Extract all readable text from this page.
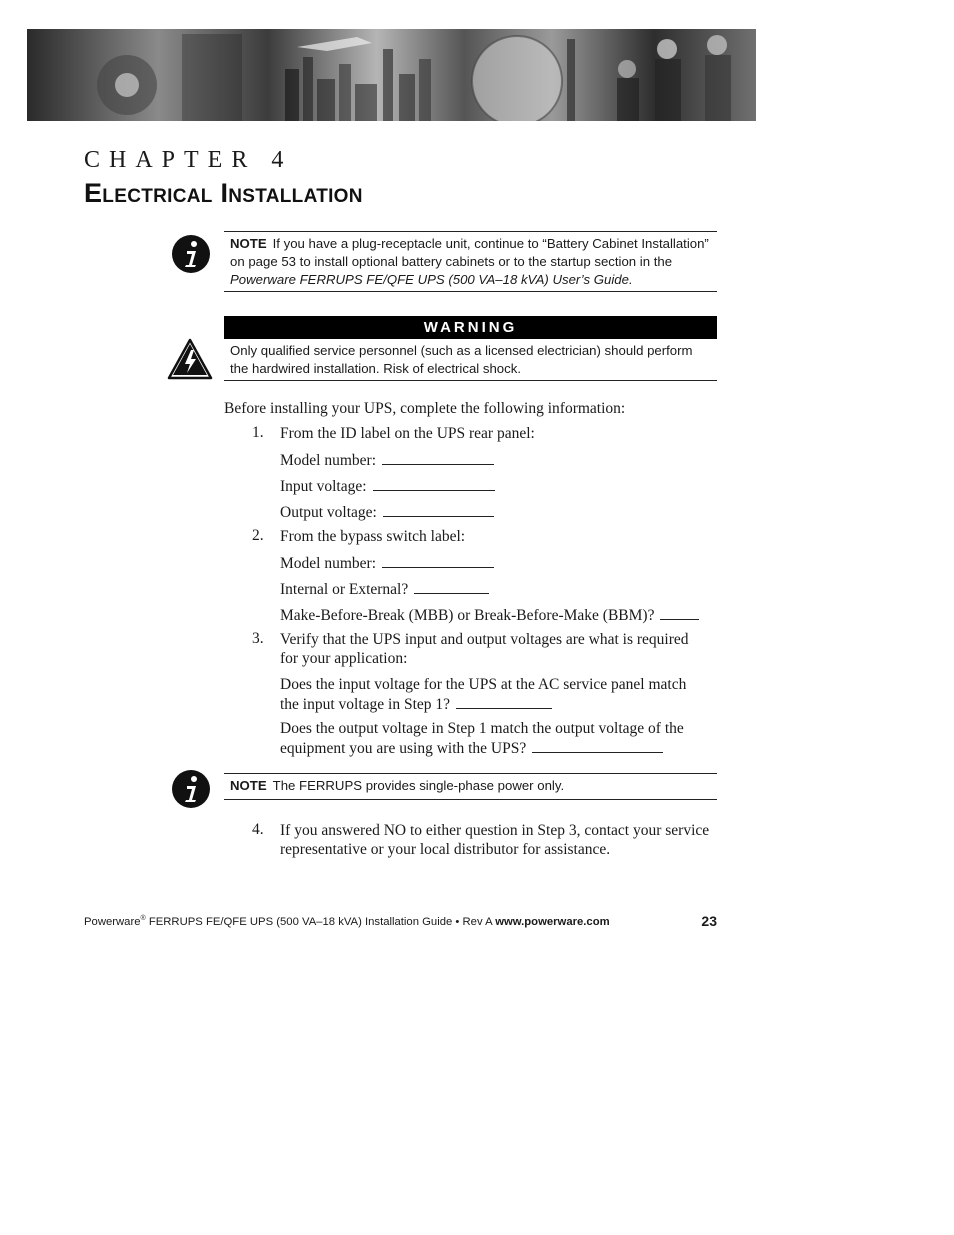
CHAPTER 4
Electrical Installation
NOTE If you have a plug-receptacle unit, continue to “Battery Cabinet Installation” on page 53 to install optional battery cabinets or to the startup section in the Powerware FERRUPS FE/QFE UPS (500 VA–18 kVA) User’s Guide.
WARNING
Only qualified service personnel (such as a licensed electrician) should perform the hardwired installation. Risk of electrical shock.
Before installing your UPS, complete the following information:
1. From the ID label on the UPS rear panel:
Model number:
Input voltage:
Output voltage:
2. From the bypass switch label:
Model number:
Internal or External?
Make-Before-Break (MBB) or Break-Before-Make (BBM)?
3. Verify that the UPS input and output voltages are what is required for your application:
Does the input voltage for the UPS at the AC service panel match the input voltage in Step 1?
Does the output voltage in Step 1 match the output voltage of the equipment you are using with the UPS?
NOTE The FERRUPS provides single-phase power only.
4. If you answered NO to either question in Step 3, contact your service representative or your local distributor for assistance.
Powerware® FERRUPS FE/QFE UPS (500 VA–18 kVA) Installation Guide • Rev A www.powerware.com	23
